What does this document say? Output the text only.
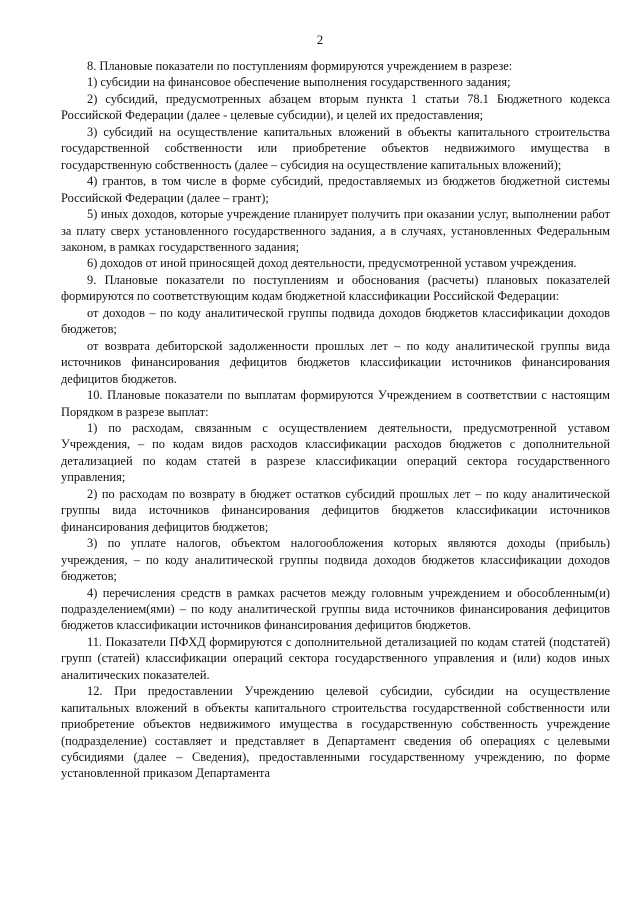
2

8. Плановые показатели по поступлениям формируются учреждением в разрезе:

1) субсидии на финансовое обеспечение выполнения государственного задания;

2) субсидий, предусмотренных абзацем вторым пункта 1 статьи 78.1 Бюджетного кодекса Российской Федерации (далее - целевые субсидии), и целей их предоставления;

3) субсидий на осуществление капитальных вложений в объекты капитального строительства государственной собственности или приобретение объектов недвижимого имущества в государственную собственность (далее – субсидия на осуществление капитальных вложений);

4) грантов, в том числе в форме субсидий, предоставляемых из бюджетов бюджетной системы Российской Федерации (далее – грант);

5) иных доходов, которые учреждение планирует получить при оказании услуг, выполнении работ за плату сверх установленного государственного задания, а в случаях, установленных Федеральным законом, в рамках государственного задания;

6) доходов от иной приносящей доход деятельности, предусмотренной уставом учреждения.

9. Плановые показатели по поступлениям и обоснования (расчеты) плановых показателей формируются по соответствующим кодам бюджетной классификации Российской Федерации:

от доходов – по коду аналитической группы подвида доходов бюджетов классификации доходов бюджетов;

от возврата дебиторской задолженности прошлых лет – по коду аналитической группы вида источников финансирования дефицитов бюджетов классификации источников финансирования дефицитов бюджетов.

10. Плановые показатели по выплатам формируются Учреждением в соответствии с настоящим Порядком в разрезе выплат:

1) по расходам, связанным с осуществлением деятельности, предусмотренной уставом Учреждения, – по кодам видов расходов классификации расходов бюджетов с дополнительной детализацией по кодам статей в разрезе классификации операций сектора государственного управления;

2) по расходам по возврату в бюджет остатков субсидий прошлых лет – по коду аналитической группы вида источников финансирования дефицитов бюджетов классификации источников финансирования дефицитов бюджетов;

3) по уплате налогов, объектом налогообложения которых являются доходы (прибыль) учреждения, – по коду аналитической группы подвида доходов бюджетов классификации доходов бюджетов;

4) перечисления средств в рамках расчетов между головным учреждением и обособленным(и) подразделением(ями) – по коду аналитической группы вида источников финансирования дефицитов бюджетов классификации источников финансирования дефицитов бюджетов.

11. Показатели ПФХД формируются с дополнительной детализацией по кодам статей (подстатей) групп (статей) классификации операций сектора государственного управления и (или) кодов иных аналитических показателей.

12. При предоставлении Учреждению целевой субсидии, субсидии на осуществление капитальных вложений в объекты капитального строительства государственной собственности или приобретение объектов недвижимого имущества в государственную собственность учреждение (подразделение) составляет и представляет в Департамент сведения об операциях с целевыми субсидиями (далее – Сведения), предоставленными государственному учреждению, по форме установленной приказом Департамента
